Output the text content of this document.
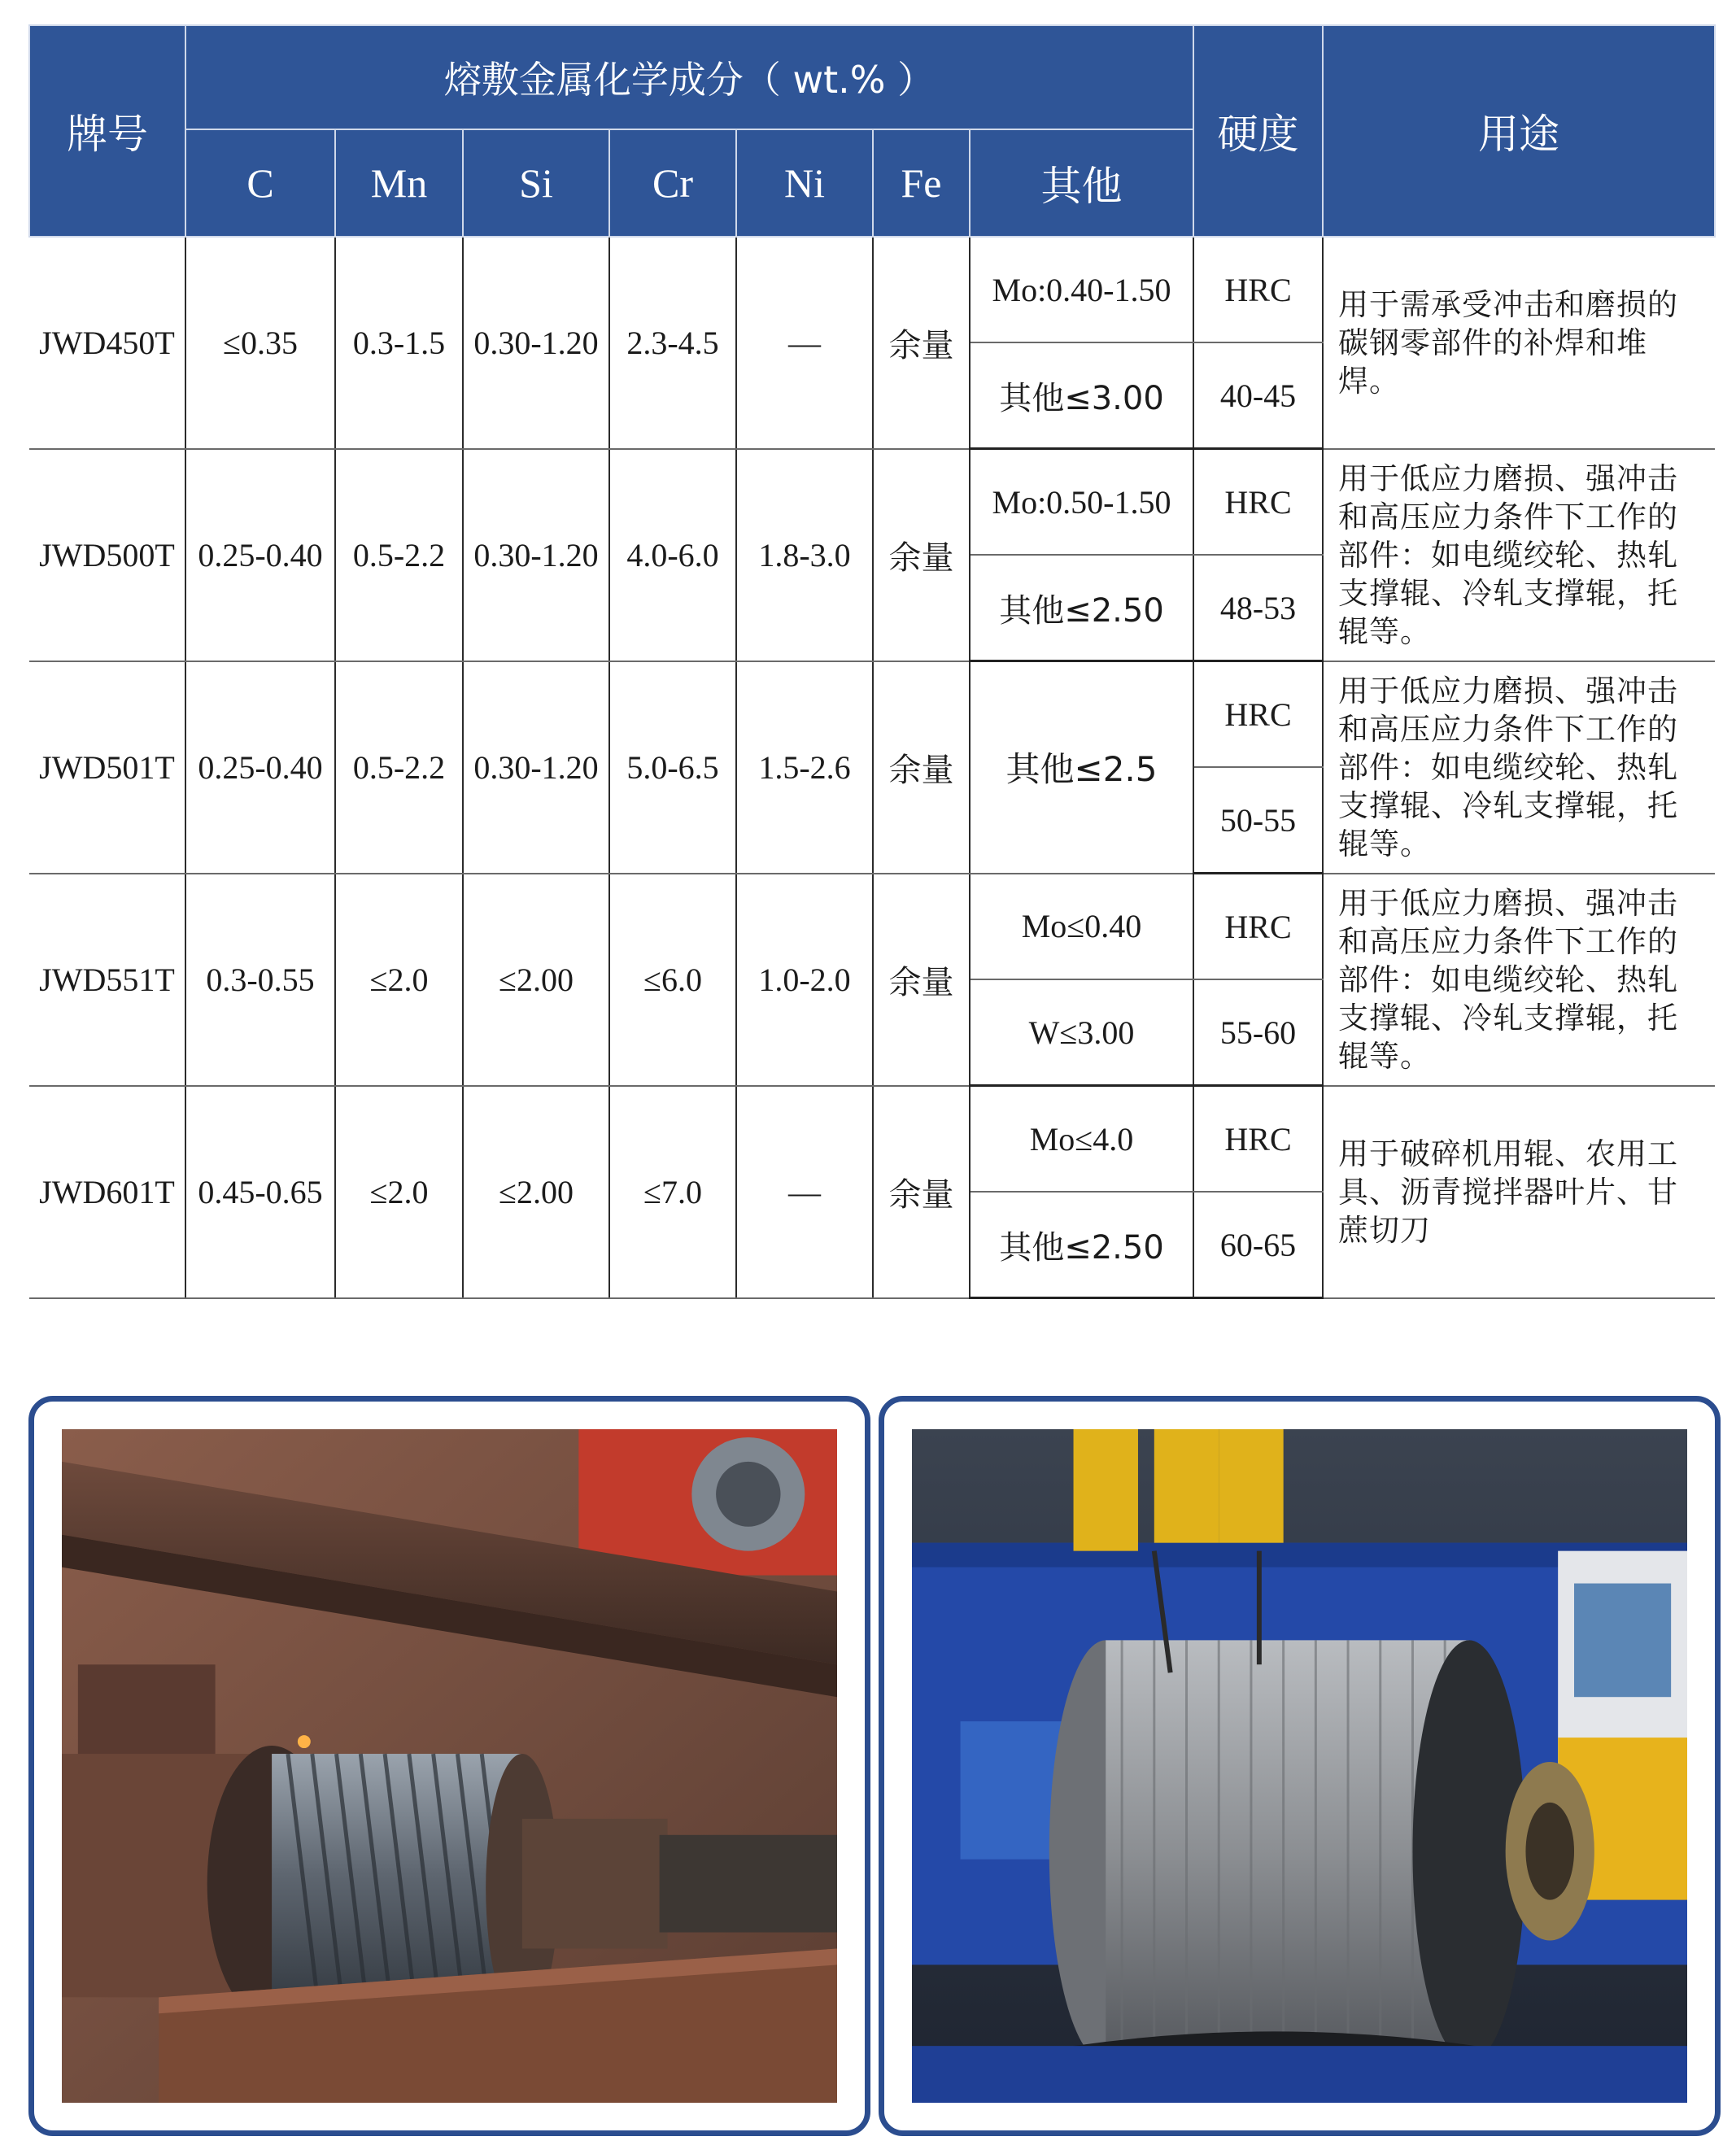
牌号	熔敷金属化学成分（ wt.% ）							硬度	用途
	C	Mn	Si	Cr	Ni	Fe	其他		
JWD450T	≤0.35	0.3-1.5	0.30-1.20	2.3-4.5	—	余量	Mo:0.40-1.50	HRC	用于需承受冲击和磨损的碳钢零部件的补焊和堆焊。
							其他≤3.00	40-45	
JWD500T	0.25-0.40	0.5-2.2	0.30-1.20	4.0-6.0	1.8-3.0	余量	Mo:0.50-1.50	HRC	用于低应力磨损、强冲击和高压应力条件下工作的部件：如电缆绞轮、热轧支撑辊、冷轧支撑辊，托辊等。
							其他≤2.50	48-53	
JWD501T	0.25-0.40	0.5-2.2	0.30-1.20	5.0-6.5	1.5-2.6	余量	其他≤2.5	HRC	用于低应力磨损、强冲击和高压应力条件下工作的部件：如电缆绞轮、热轧支撑辊、冷轧支撑辊，托辊等。
								50-55	
JWD551T	0.3-0.55	≤2.0	≤2.00	≤6.0	1.0-2.0	余量	Mo≤0.40	HRC	用于低应力磨损、强冲击和高压应力条件下工作的部件：如电缆绞轮、热轧支撑辊、冷轧支撑辊，托辊等。
							W≤3.00	55-60	
JWD601T	0.45-0.65	≤2.0	≤2.00	≤7.0	—	余量	Mo≤4.0	HRC	用于破碎机用辊、农用工具、沥青搅拌器叶片、甘蔗切刀
							其他≤2.50	60-65	
